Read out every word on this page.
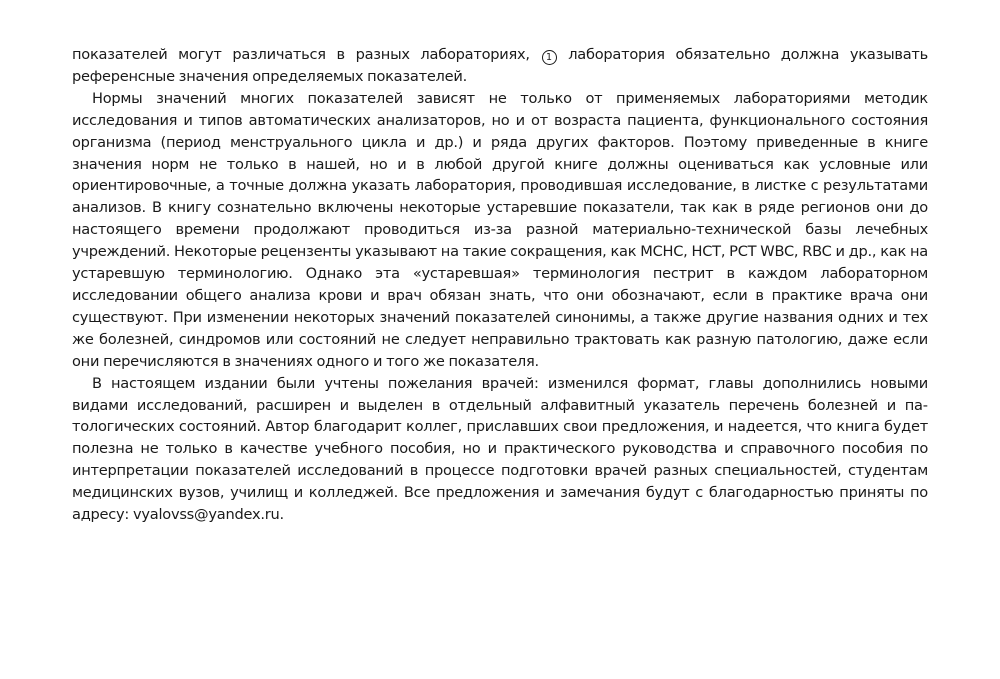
показателей могут различаться в разных лабораториях, 1 лаборатория обязательно должна указывать референсные значения определяемых показателей.

Нормы значений многих показателей зависят не только от применяемых лабораториями методик исследования и типов автоматических анализаторов, но и от возраста пациента, функционального состояния организма (период менструального цикла и др.) и ряда других факторов. Поэтому приведенные в книге значения норм не только в нашей, но и в любой другой книге должны оцениваться как условные или ориентировочные, а точные должна указать лаборатория, проводившая исследование, в листке с результатами анализов. В книгу сознательно включены некоторые устаревшие показатели, так как в ряде регионов они до настоящего времени продолжают проводиться из-за разной материально-технической базы лечебных учреждений. Некоторые рецензенты указывают на такие сокращения, как MCHC, HCT, PCT WBC, RBC и др., как на устаревшую терминологию. Однако эта «устаревшая» терминология пестрит в каждом лабораторном исследовании общего анализа крови и врач обязан знать, что они обозначают, если в практике врача они существуют. При изменении некоторых значений показателей синонимы, а также другие названия одних и тех же болезней, синдромов или состояний не следует неправильно трактовать как разную патологию, даже если они перечисляются в значениях одного и того же показателя.

В настоящем издании были учтены пожелания врачей: изменился формат, главы дополнились новыми видами исследований, расширен и выделен в отдельный алфавитный указатель перечень болезней и патологических состояний. Автор благодарит коллег, приславших свои предложения, и надеется, что книга будет полезна не только в качестве учебного пособия, но и практического руководства и справочного пособия по интерпретации показателей исследований в процессе подготовки врачей разных специальностей, студентам медицинских вузов, училищ и колледжей. Все предложения и замечания будут с благодарностью приняты по адресу: vyalovss@yandex.ru.
